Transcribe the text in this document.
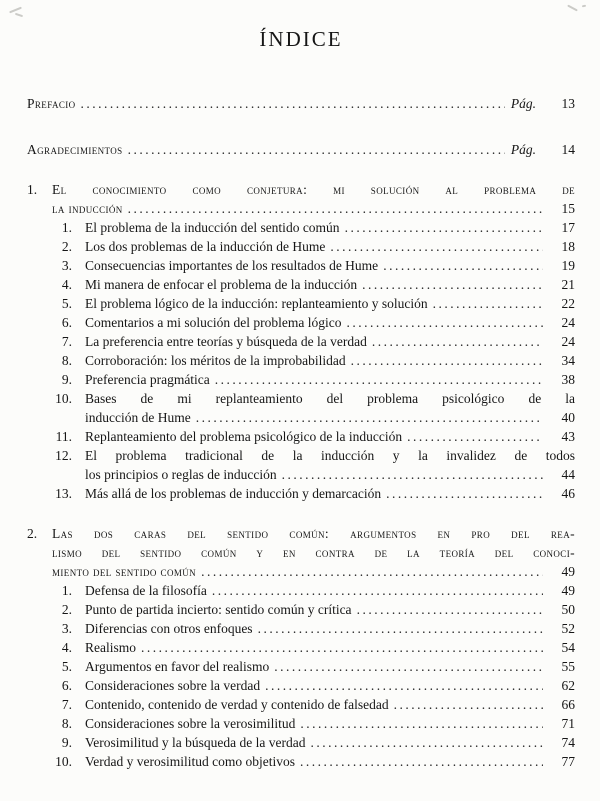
ÍNDICE
Prefacio .....	Pág.	13
Agradecimientos .....	Pág.	14
1.	El conocimiento como conjetura: mi solución al problema de
la inducción .....	15
1. El problema de la inducción del sentido común .....	17
2. Los dos problemas de la inducción de Hume .....	18
3. Consecuencias importantes de los resultados de Hume .....	19
4. Mi manera de enfocar el problema de la inducción .....	21
5. El problema lógico de la inducción: replanteamiento y solución .....	22
6. Comentarios a mi solución del problema lógico .....	24
7. La preferencia entre teorías y búsqueda de la verdad .....	24
8. Corroboración: los méritos de la improbabilidad .....	34
9. Preferencia pragmática .....	38
10. Bases de mi replanteamiento del problema psicológico de la
inducción de Hume .....	40
11. Replanteamiento del problema psicológico de la inducción .....	43
12. El problema tradicional de la inducción y la invalidez de todos
los principios o reglas de inducción .....	44
13. Más allá de los problemas de inducción y demarcación .....	46
2.	Las dos caras del sentido común: argumentos en pro del rea-
lismo del sentido común y en contra de la teoría del conoci-
miento del sentido común .....	49
1. Defensa de la filosofía .....	49
2. Punto de partida incierto: sentido común y crítica .....	50
3. Diferencias con otros enfoques .....	52
4. Realismo .....	54
5. Argumentos en favor del realismo .....	55
6. Consideraciones sobre la verdad .....	62
7. Contenido, contenido de verdad y contenido de falsedad .....	66
8. Consideraciones sobre la verosimilitud .....	71
9. Verosimilitud y la búsqueda de la verdad .....	74
10. Verdad y verosimilitud como objetivos .....	77
